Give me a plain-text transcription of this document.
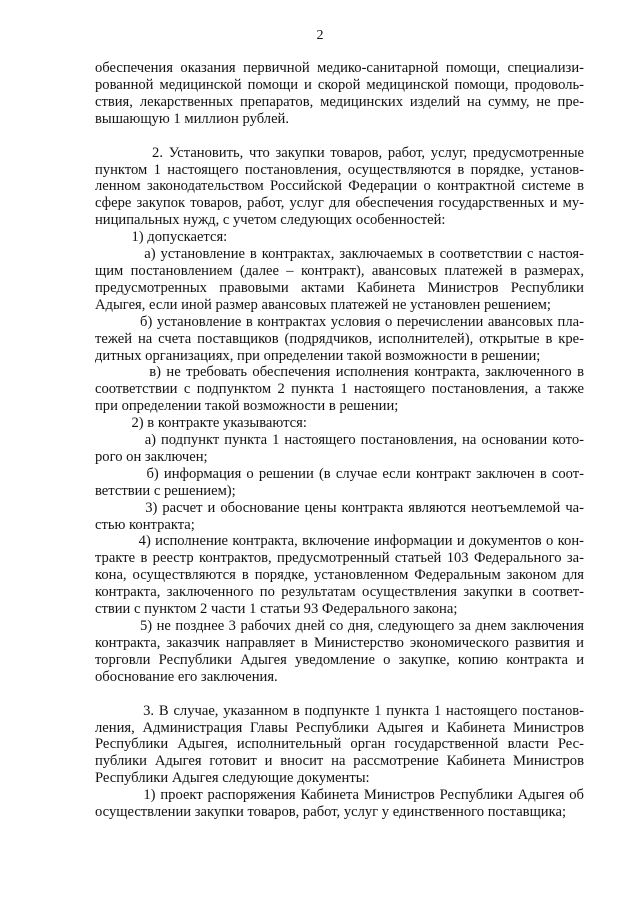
2
обеспечения оказания первичной медико-санитарной помощи, специализи-
рованной медицинской помощи и скорой медицинской помощи, продоволь-
ствия, лекарственных препаратов, медицинских изделий на сумму, не пре-
вышающую 1 миллион рублей.
2. Установить, что закупки товаров, работ, услуг, предусмотренные
пунктом 1 настоящего постановления, осуществляются в порядке, установ-
ленном законодательством Российской Федерации о контрактной системе в
сфере закупок товаров, работ, услуг для обеспечения государственных и му-
ниципальных нужд, с учетом следующих особенностей:
1) допускается:
а) установление в контрактах, заключаемых в соответствии с настоя-
щим постановлением (далее – контракт), авансовых платежей в размерах,
предусмотренных правовыми актами Кабинета Министров Республики
Адыгея, если иной размер авансовых платежей не установлен решением;
б) установление в контрактах условия о перечислении авансовых пла-
тежей на счета поставщиков (подрядчиков, исполнителей), открытые в кре-
дитных организациях, при определении такой возможности в решении;
в) не требовать обеспечения исполнения контракта, заключенного в
соответствии с подпунктом 2 пункта 1 настоящего постановления, а также
при определении такой возможности в решении;
2) в контракте указываются:
а) подпункт пункта 1 настоящего постановления, на основании кото-
рого он заключен;
б) информация о решении (в случае если контракт заключен в соот-
ветствии с решением);
3) расчет и обоснование цены контракта являются неотъемлемой ча-
стью контракта;
4) исполнение контракта, включение информации и документов о кон-
тракте в реестр контрактов, предусмотренный статьей 103 Федерального за-
кона, осуществляются в порядке, установленном Федеральным законом для
контракта, заключенного по результатам осуществления закупки в соответ-
ствии с пунктом 2 части 1 статьи 93 Федерального закона;
5) не позднее 3 рабочих дней со дня, следующего за днем заключения
контракта, заказчик направляет в Министерство экономического развития и
торговли Республики Адыгея уведомление о закупке, копию контракта и
обоснование его заключения.
3. В случае, указанном в подпункте 1 пункта 1 настоящего постанов-
ления, Администрация Главы Республики Адыгея и Кабинета Министров
Республики Адыгея, исполнительный орган государственной власти Рес-
публики Адыгея готовит и вносит на рассмотрение Кабинета Министров
Республики Адыгея следующие документы:
1) проект распоряжения Кабинета Министров Республики Адыгея об
осуществлении закупки товаров, работ, услуг у единственного поставщика;
